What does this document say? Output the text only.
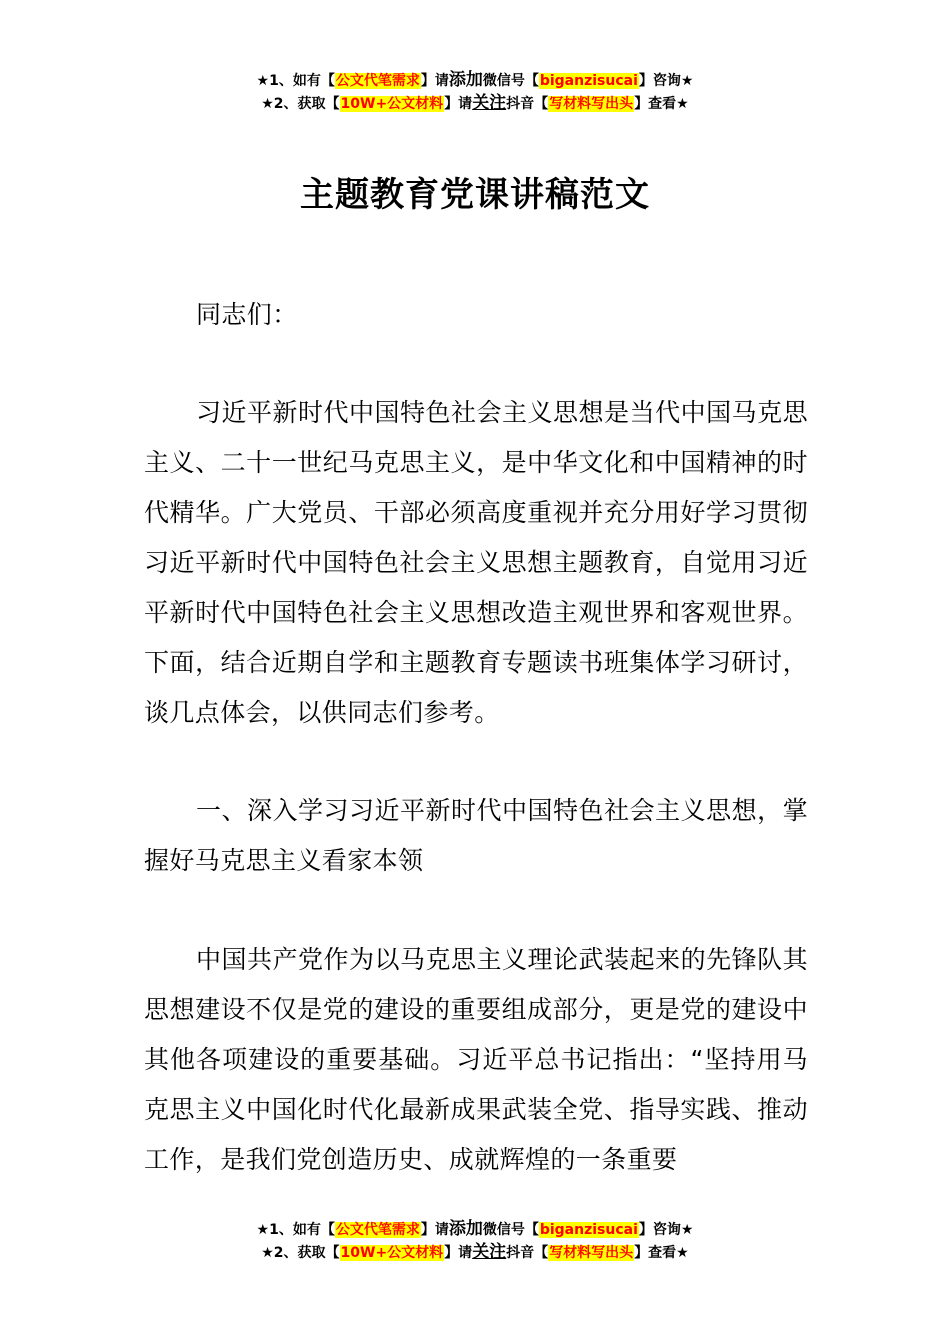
★1、如有【公文代笔需求】请添加微信号【biganzisucai】咨询★
★2、获取【10W+公文材料】请关注抖音【写材料写出头】查看★
主题教育党课讲稿范文

同志们：

习近平新时代中国特色社会主义思想是当代中国马克思主义、二十一世纪马克思主义，是中华文化和中国精神的时代精华。广大党员、干部必须高度重视并充分用好学习贯彻习近平新时代中国特色社会主义思想主题教育，自觉用习近平新时代中国特色社会主义思想改造主观世界和客观世界。下面，结合近期自学和主题教育专题读书班集体学习研讨，谈几点体会，以供同志们参考。

一、深入学习习近平新时代中国特色社会主义思想，掌握好马克思主义看家本领

中国共产党作为以马克思主义理论武装起来的先锋队其思想建设不仅是党的建设的重要组成部分，更是党的建设中其他各项建设的重要基础。习近平总书记指出：“坚持用马克思主义中国化时代化最新成果武装全党、指导实践、推动工作，是我们党创造历史、成就辉煌的一条重要

★1、如有【公文代笔需求】请添加微信号【biganzisucai】咨询★
★2、获取【10W+公文材料】请关注抖音【写材料写出头】查看★
